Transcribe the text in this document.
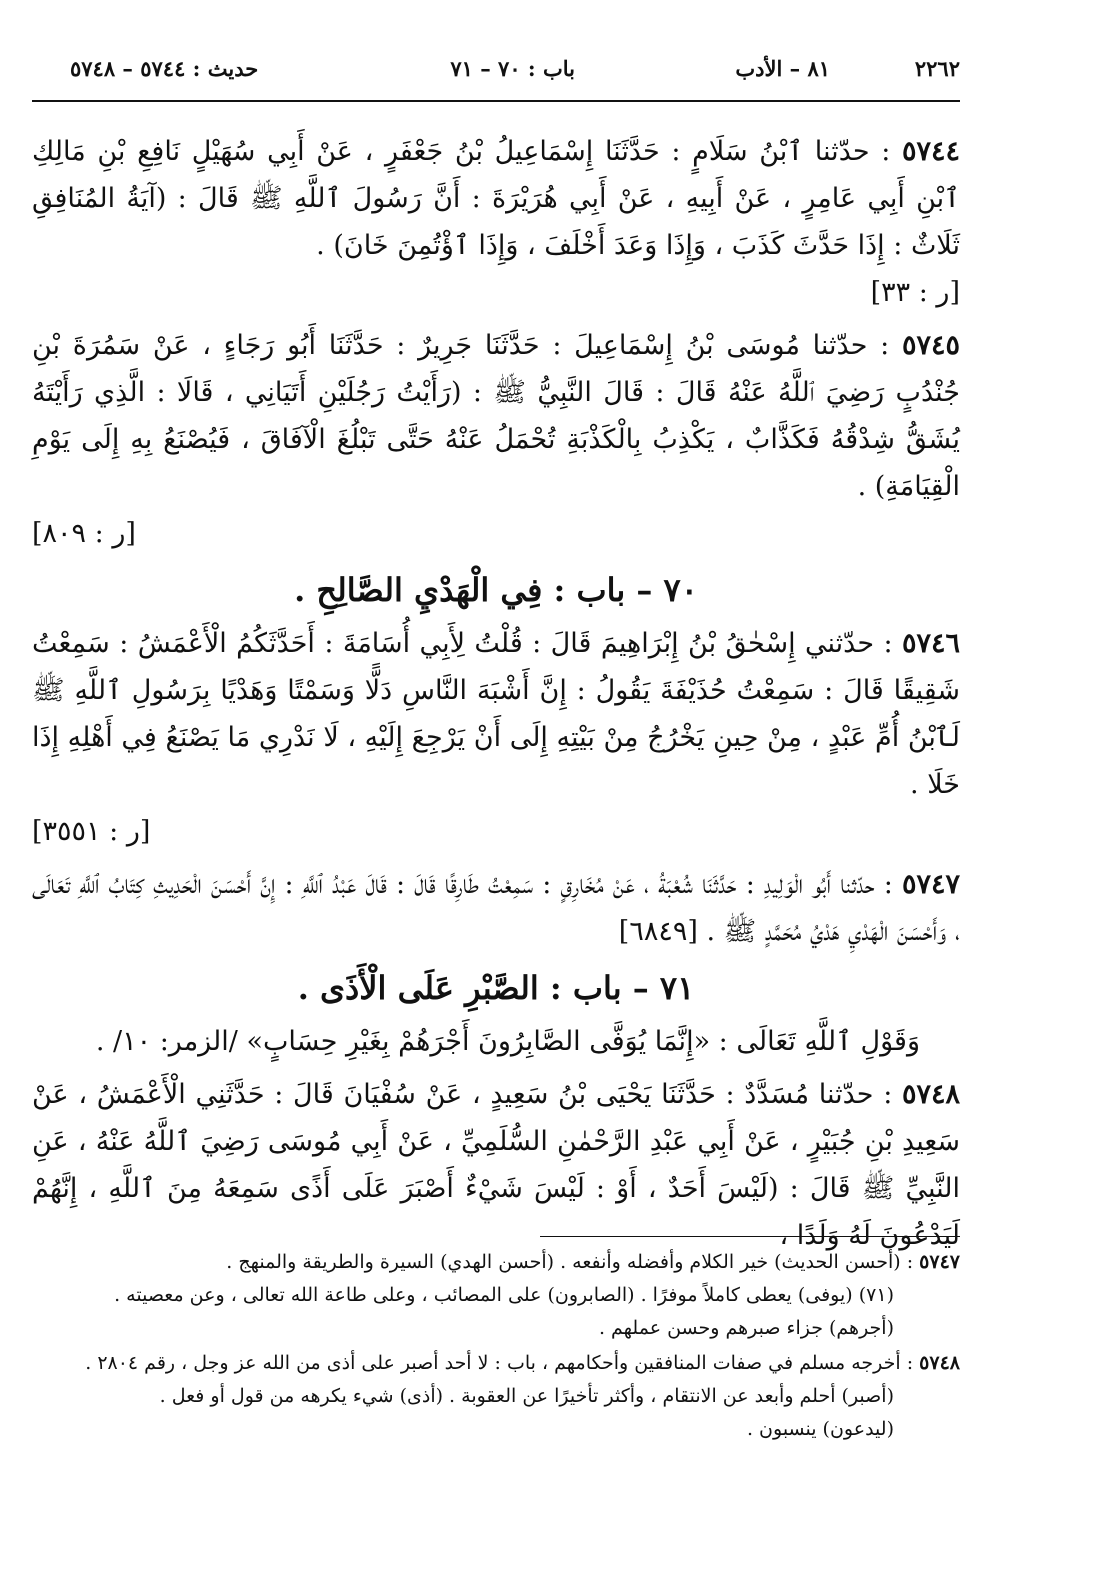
٢٢٦٢
٨١ – الأدب
باب : ٧٠ – ٧١
حديث : ٥٧٤٤ – ٥٧٤٨

٥٧٤٤ : حدّثنا ٱبْنُ سَلَامٍ : حَدَّثَنَا إِسْمَاعِيلُ بْنُ جَعْفَرٍ ، عَنْ أَبِي سُهَيْلٍ نَافِعِ بْنِ مَالِكِ ٱبْنِ أَبِي عَامِرٍ ، عَنْ أَبِيهِ ، عَنْ أَبِي هُرَيْرَةَ : أَنَّ رَسُولَ ٱللَّهِ ﷺ قَالَ : (آيَةُ المُنَافِقِ ثَلَاثٌ : إِذَا حَدَّثَ كَذَبَ ، وَإِذَا وَعَدَ أَخْلَفَ ، وَإِذَا ٱؤْتُمِنَ خَانَ) .
[ر : ٣٣]

٥٧٤٥ : حدّثنا مُوسَى بْنُ إِسْمَاعِيلَ : حَدَّثَنَا جَرِيرٌ : حَدَّثَنَا أَبُو رَجَاءٍ ، عَنْ سَمُرَةَ بْنِ جُنْدُبٍ رَضِيَ ٱللَّهُ عَنْهُ قَالَ : قَالَ النَّبِيُّ ﷺ : (رَأَيْتُ رَجُلَيْنِ أَتَيَانِي ، قَالَا : الَّذِي رَأَيْتَهُ يُشَقُّ شِدْقُهُ فَكَذَّابٌ ، يَكْذِبُ بِالْكَذْبَةِ تُحْمَلُ عَنْهُ حَتَّى تَبْلُغَ الْآفَاقَ ، فَيُصْنَعُ بِهِ إِلَى يَوْمِ الْقِيَامَةِ) .
[ر : ٨٠٩]

٧٠ – باب : فِي الْهَدْيِ الصَّالِحِ .

٥٧٤٦ : حدّثني إِسْحٰقُ بْنُ إِبْرَاهِيمَ قَالَ : قُلْتُ لِأَبِي أُسَامَةَ : أَحَدَّثَكُمُ الْأَعْمَشُ : سَمِعْتُ شَقِيقًا قَالَ : سَمِعْتُ حُذَيْفَةَ يَقُولُ : إِنَّ أَشْبَهَ النَّاسِ دَلًّا وَسَمْتًا وَهَدْيًا بِرَسُولِ ٱللَّهِ ﷺ لَٱبْنُ أُمِّ عَبْدٍ ، مِنْ حِينِ يَخْرُجُ مِنْ بَيْتِهِ إِلَى أَنْ يَرْجِعَ إِلَيْهِ ، لَا نَدْرِي مَا يَصْنَعُ فِي أَهْلِهِ إِذَا خَلَا .
[ر : ٣٥٥١]

٥٧٤٧ : حدّثنا أَبُو الْوَلِيدِ : حَدَّثَنَا شُعْبَةُ ، عَنْ مُخَارِقٍ : سَمِعْتُ طَارِقًا قَالَ : قَالَ عَبْدُ ٱللَّهِ : إِنَّ أَحْسَنَ الْحَدِيثِ كِتَابُ ٱللَّهِ تَعَالَى ، وَأَحْسَنَ الْهَدْيِ هَدْيُ مُحَمَّدٍ ﷺ . [٦٨٤٩]

٧١ – باب : الصَّبْرِ عَلَى الْأَذَى .
وَقَوْلِ ٱللَّهِ تَعَالَى : «إِنَّمَا يُوَفَّى الصَّابِرُونَ أَجْرَهُمْ بِغَيْرِ حِسَابٍ» /الزمر: ١٠/ .

٥٧٤٨ : حدّثنا مُسَدَّدٌ : حَدَّثَنَا يَحْيَى بْنُ سَعِيدٍ ، عَنْ سُفْيَانَ قَالَ : حَدَّثَنِي الْأَعْمَشُ ، عَنْ سَعِيدِ بْنِ جُبَيْرٍ ، عَنْ أَبِي عَبْدِ الرَّحْمٰنِ السُّلَمِيِّ ، عَنْ أَبِي مُوسَى رَضِيَ ٱللَّهُ عَنْهُ ، عَنِ النَّبِيِّ ﷺ قَالَ : (لَيْسَ أَحَدٌ ، أَوْ : لَيْسَ شَيْءٌ أَصْبَرَ عَلَى أَذًى سَمِعَهُ مِنَ ٱللَّهِ ، إِنَّهُمْ لَيَدْعُونَ لَهُ وَلَدًا ،

٥٧٤٧ : (أحسن الحديث) خير الكلام وأفضله وأنفعه . (أحسن الهدي) السيرة والطريقة والمنهج .
(٧١) (يوفى) يعطى كاملاً موفرًا . (الصابرون) على المصائب ، وعلى طاعة الله تعالى ، وعن معصيته .
(أجرهم) جزاء صبرهم وحسن عملهم .
٥٧٤٨ : أخرجه مسلم في صفات المنافقين وأحكامهم ، باب : لا أحد أصبر على أذى من الله عز وجل ، رقم ٢٨٠٤ .
(أصبر) أحلم وأبعد عن الانتقام ، وأكثر تأخيرًا عن العقوبة . (أذى) شيء يكرهه من قول أو فعل .
(ليدعون) ينسبون .
